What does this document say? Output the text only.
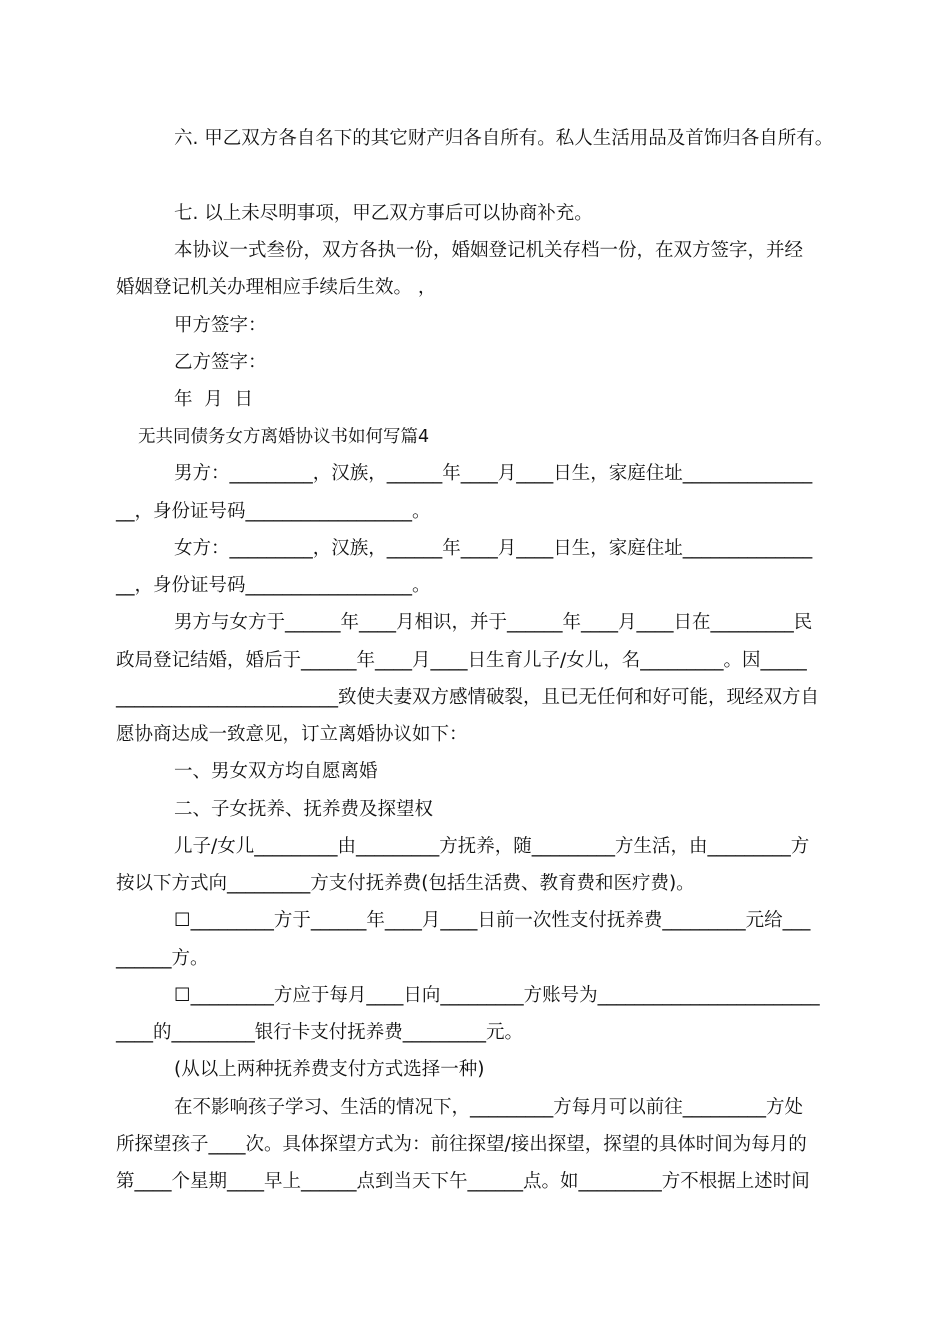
六. 甲乙双方各自名下的其它财产归各自所有。私人生活用品及首饰归各自所有。
七. 以上未尽明事项，甲乙双方事后可以协商补充。
本协议一式叁份，双方各执一份，婚姻登记机关存档一份，在双方签字，并经
婚姻登记机关办理相应手续后生效。 ，
甲方签字：
乙方签字：
年  月  日
无共同债务女方离婚协议书如何写篇4
男方：_________，汉族，______年____月____日生，家庭住址______________
__，身份证号码__________________。
女方：_________，汉族，______年____月____日生，家庭住址______________
__，身份证号码__________________。
男方与女方于______年____月相识，并于______年____月____日在_________民
政局登记结婚，婚后于______年____月____日生育儿子/女儿，名_________。因_____
________________________致使夫妻双方感情破裂，且已无任何和好可能，现经双方自
愿协商达成一致意见，订立离婚协议如下：
一、男女双方均自愿离婚
二、子女抚养、抚养费及探望权
儿子/女儿_________由_________方抚养，随_________方生活，由_________方
按以下方式向_________方支付抚养费(包括生活费、教育费和医疗费)。
☐_________方于______年____月____日前一次性支付抚养费_________元给___
______方。
☐_________方应于每月____日向_________方账号为________________________
____的_________银行卡支付抚养费_________元。
(从以上两种抚养费支付方式选择一种)
在不影响孩子学习、生活的情况下，_________方每月可以前往_________方处
所探望孩子____次。具体探望方式为：前往探望/接出探望，探望的具体时间为每月的
第____个星期____早上______点到当天下午______点。如_________方不根据上述时间
